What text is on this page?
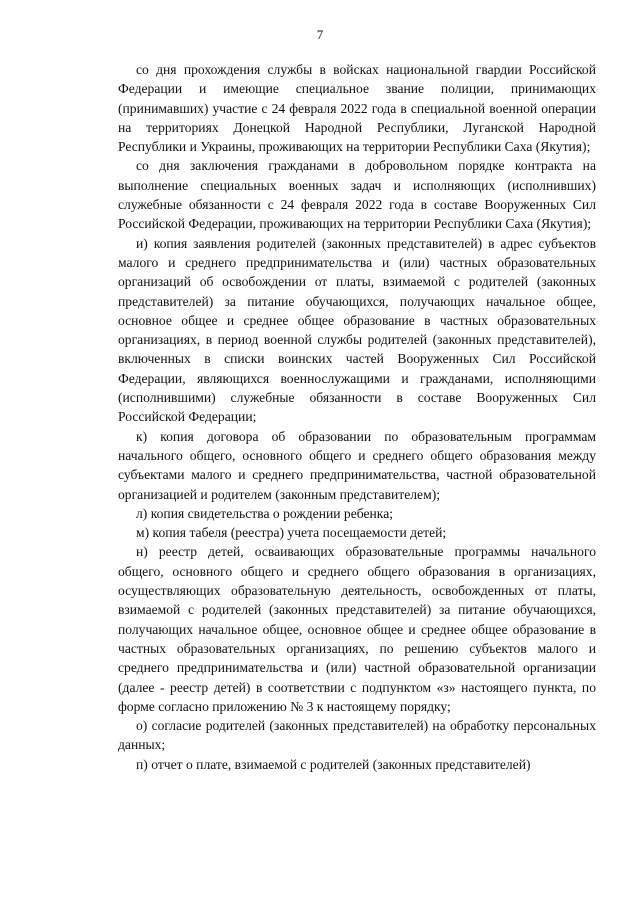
7

со дня прохождения службы в войсках национальной гвардии Российской Федерации и имеющие специальное звание полиции, принимающих (принимавших) участие с 24 февраля 2022 года в специальной военной операции на территориях Донецкой Народной Республики, Луганской Народной Республики и Украины, проживающих на территории Республики Саха (Якутия);

со дня заключения гражданами в добровольном порядке контракта на выполнение специальных военных задач и исполняющих (исполнивших) служебные обязанности с 24 февраля 2022 года в составе Вооруженных Сил Российской Федерации, проживающих на территории Республики Саха (Якутия);

и) копия заявления родителей (законных представителей) в адрес субъектов малого и среднего предпринимательства и (или) частных образовательных организаций об освобождении от платы, взимаемой с родителей (законных представителей) за питание обучающихся, получающих начальное общее, основное общее и среднее общее образование в частных образовательных организациях, в период военной службы родителей (законных представителей), включенных в списки воинских частей Вооруженных Сил Российской Федерации, являющихся военнослужащими и гражданами, исполняющими (исполнившими) служебные обязанности в составе Вооруженных Сил Российской Федерации;

к) копия договора об образовании по образовательным программам начального общего, основного общего и среднего общего образования между субъектами малого и среднего предпринимательства, частной образовательной организацией и родителем (законным представителем);

л) копия свидетельства о рождении ребенка;

м) копия табеля (реестра) учета посещаемости детей;

н) реестр детей, осваивающих образовательные программы начального общего, основного общего и среднего общего образования в организациях, осуществляющих образовательную деятельность, освобожденных от платы, взимаемой с родителей (законных представителей) за питание обучающихся, получающих начальное общее, основное общее и среднее общее образование в частных образовательных организациях, по решению субъектов малого и среднего предпринимательства и (или) частной образовательной организации (далее - реестр детей) в соответствии с подпунктом «з» настоящего пункта, по форме согласно приложению № 3 к настоящему порядку;

о) согласие родителей (законных представителей) на обработку персональных данных;

п) отчет о плате, взимаемой с родителей (законных представителей)
